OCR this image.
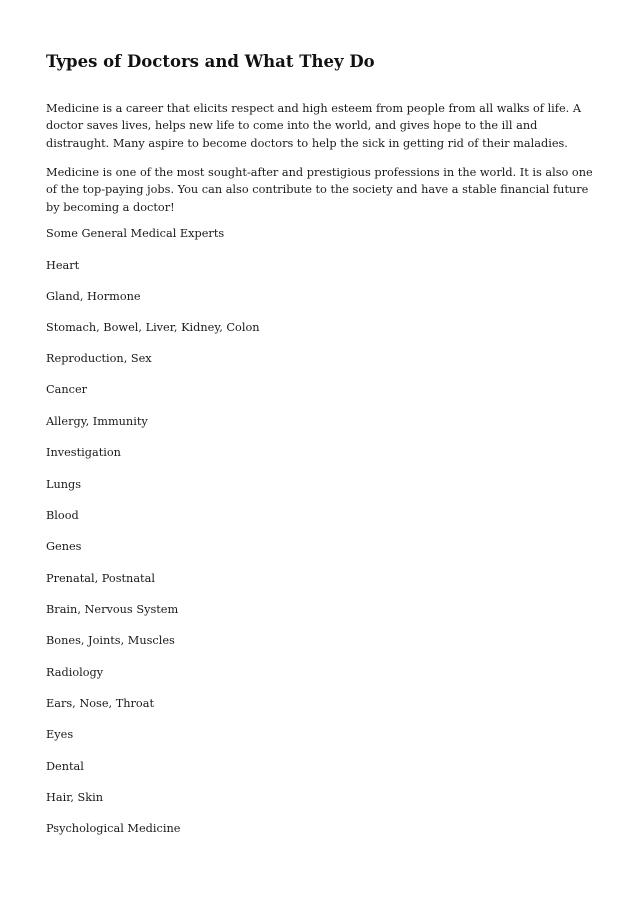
Types of Doctors and What They Do

Medicine is a career that elicits respect and high esteem from people from all walks of life. A doctor saves lives, helps new life to come into the world, and gives hope to the ill and distraught. Many aspire to become doctors to help the sick in getting rid of their maladies.

Medicine is one of the most sought-after and prestigious professions in the world. It is also one of the top-paying jobs. You can also contribute to the society and have a stable financial future by becoming a doctor!

Some General Medical Experts

Heart

Gland, Hormone

Stomach, Bowel, Liver, Kidney, Colon

Reproduction, Sex

Cancer

Allergy, Immunity

Investigation

Lungs

Blood

Genes

Prenatal, Postnatal

Brain, Nervous System

Bones, Joints, Muscles

Radiology

Ears, Nose, Throat

Eyes

Dental

Hair, Skin

Psychological Medicine
